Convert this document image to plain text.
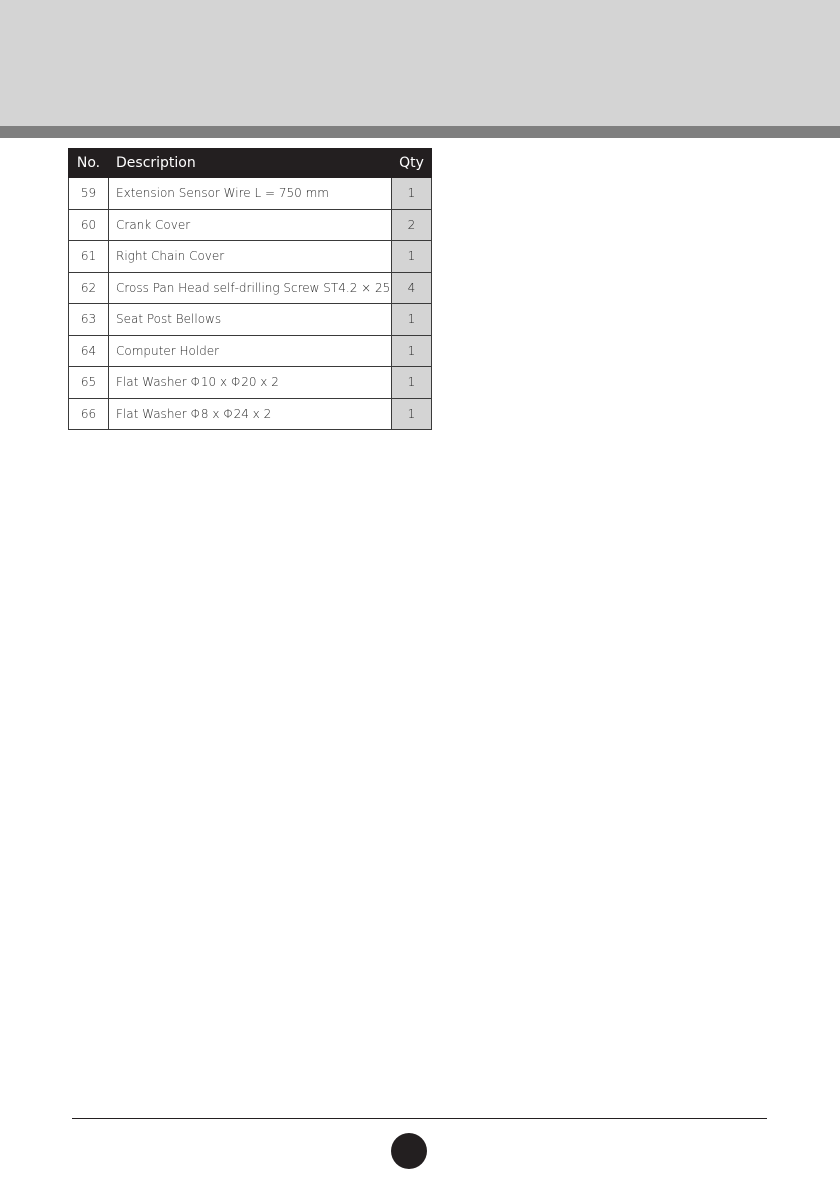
No.	Description	Qty
59	Extension Sensor Wire L = 750 mm	1
60	Crank Cover	2
61	Right Chain Cover	1
62	Cross Pan Head self-drilling Screw ST4.2 × 25	4
63	Seat Post Bellows	1
64	Computer Holder	1
65	Flat Washer Φ10 x Φ20 x 2	1
66	Flat Washer Φ8 x Φ24 x 2	1
